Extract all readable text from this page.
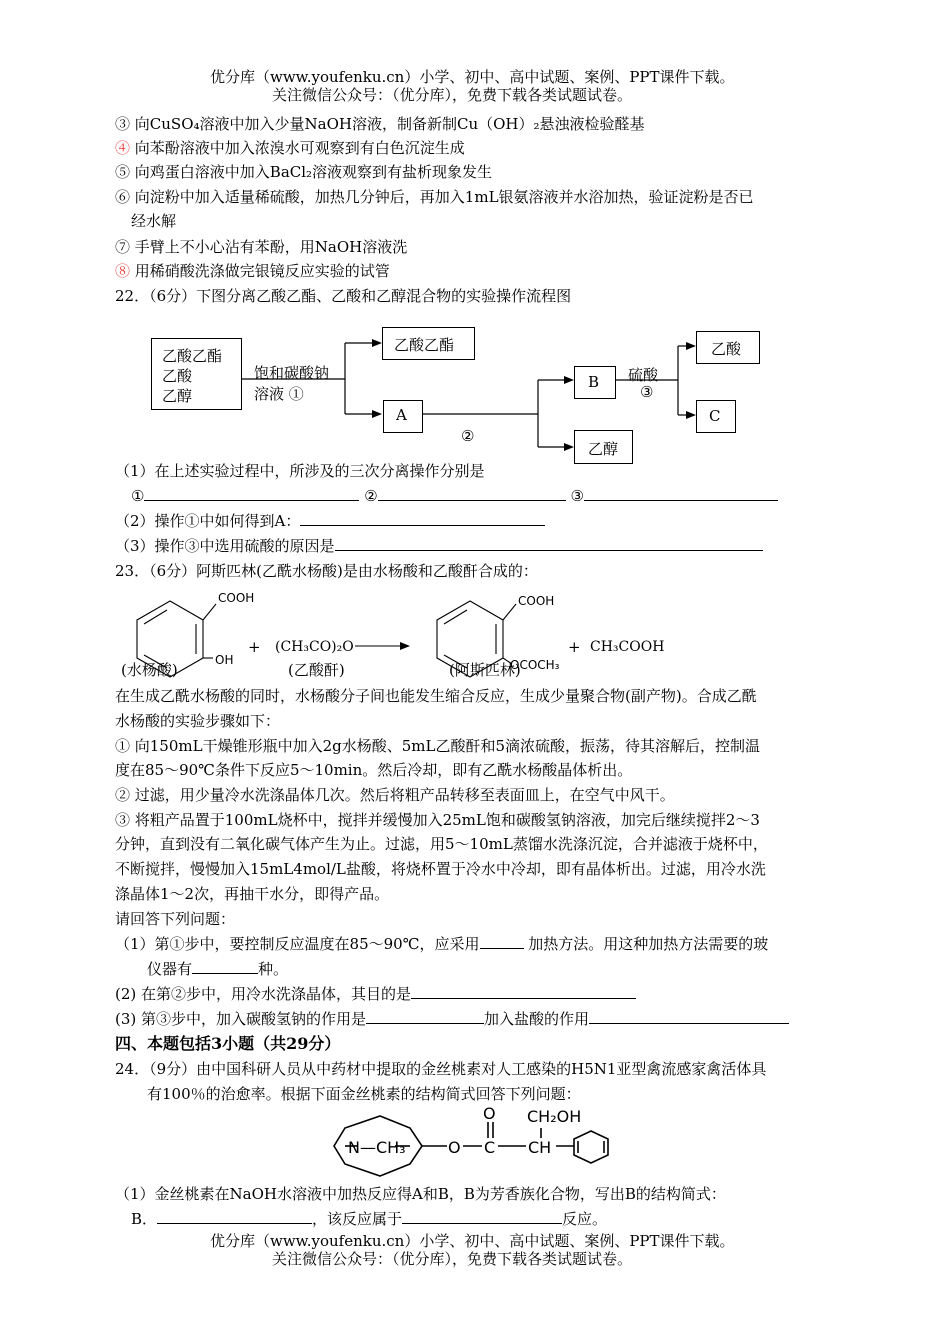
优分库（www.youfenku.cn）小学、初中、高中试题、案例、PPT课件下载。
关注微信公众号：（优分库），免费下载各类试题试卷。
③ 向CuSO₄溶液中加入少量NaOH溶液，制备新制Cu（OH）₂悬浊液检验醛基
④ 向苯酚溶液中加入浓溴水可观察到有白色沉淀生成
⑤ 向鸡蛋白溶液中加入BaCl₂溶液观察到有盐析现象发生
⑥ 向淀粉中加入适量稀硫酸，加热几分钟后，再加入1mL银氨溶液并水浴加热，验证淀粉是否已
经水解
⑦ 手臂上不小心沾有苯酚，用NaOH溶液洗
⑧ 用稀硝酸洗涤做完银镜反应实验的试管
22．（6分）下图分离乙酸乙酯、乙酸和乙醇混合物的实验操作流程图
乙酸乙酯
乙酸
乙醇
饱和碳酸钠
溶液 ①
乙酸乙酯
A
②
B
乙醇
硫酸
③
乙酸
C
（1）在上述实验过程中，所涉及的三次分离操作分别是
①	②	③
（2）操作①中如何得到A：
（3）操作③中选用硫酸的原因是
23．（6分）阿斯匹林(乙酰水杨酸)是由水杨酸和乙酸酐合成的：
COOH
OH
+ (CH₃CO)₂O
COOH
OCOCH₃
+ CH₃COOH
(水杨酸)	(乙酸酐)	(阿斯匹林)
在生成乙酰水杨酸的同时，水杨酸分子间也能发生缩合反应，生成少量聚合物(副产物)。合成乙酰
水杨酸的实验步骤如下：
① 向150mL干燥锥形瓶中加入2g水杨酸、5mL乙酸酐和5滴浓硫酸，振荡，待其溶解后，控制温
度在85～90℃条件下反应5～10min。然后冷却，即有乙酰水杨酸晶体析出。
② 过滤，用少量冷水洗涤晶体几次。然后将粗产品转移至表面皿上，在空气中风干。
③ 将粗产品置于100mL烧杯中，搅拌并缓慢加入25mL饱和碳酸氢钠溶液，加完后继续搅拌2～3
分钟，直到没有二氧化碳气体产生为止。过滤，用5～10mL蒸馏水洗涤沉淀，合并滤液于烧杯中，
不断搅拌，慢慢加入15mL4mol/L盐酸，将烧杯置于冷水中冷却，即有晶体析出。过滤，用冷水洗
涤晶体1～2次，再抽干水分，即得产品。
请回答下列问题：
（1）第①步中，要控制反应温度在85～90℃，应采用	加热方法。用这种加热方法需要的玻
仪器有	种。
(2) 在第②步中，用冷水洗涤晶体，其目的是
(3) 第③步中，加入碳酸氢钠的作用是	加入盐酸的作用
四、本题包括3小题（共29分）
24．（9分）由中国科研人员从中药材中提取的金丝桃素对人工感染的H5N1亚型禽流感家禽活体具
有100％的治愈率。根据下面金丝桃素的结构简式回答下列问题：
N—CH₃	O
O
C
CH₂OH
CH
（1）金丝桃素在NaOH水溶液中加热反应得A和B，B为芳香族化合物，写出B的结构简式：
B．	，该反应属于	反应。
优分库（www.youfenku.cn）小学、初中、高中试题、案例、PPT课件下载。
关注微信公众号：（优分库），免费下载各类试题试卷。
